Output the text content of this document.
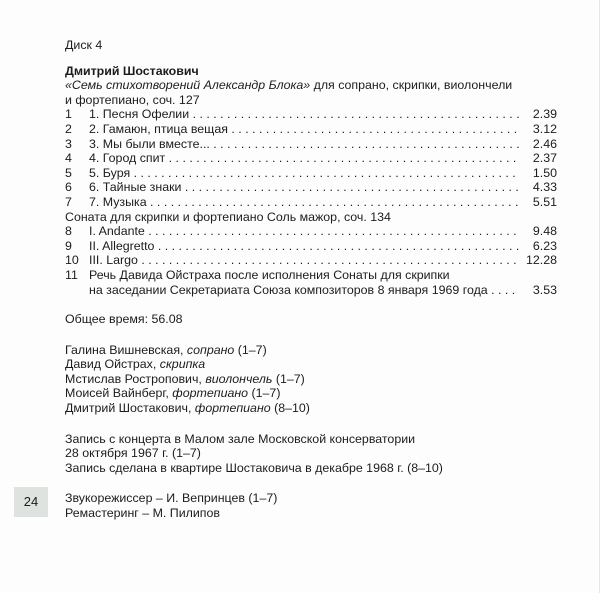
Диск 4
Дмитрий Шостакович
«Семь стихотворений Александр Блока» для сопрано, скрипки, виолончели
и фортепиано, соч. 127
1	1. Песня Офелии . . .	2.39
2	2. Гамаюн, птица вещая . . .	3.12
3	3. Мы были вместе... . . .	2.46
4	4. Город спит . . .	2.37
5	5. Буря . . .	1.50
6	6. Тайные знаки . . .	4.33
7	7. Музыка . . .	5.51
Соната для скрипки и фортепиано Соль мажор, соч. 134
8	I. Andante . . .	9.48
9	II. Allegretto . . .	6.23
10 III. Largo . . .	12.28
11 Речь Давида Ойстраха после исполнения Сонаты для скрипки
на заседании Секретариата Союза композиторов 8 января 1969 года . . .	3.53
Общее время: 56.08
Галина Вишневская, сопрано (1–7)
Давид Ойстрах, скрипка
Мстислав Ростропович, виолончель (1–7)
Моисей Вайнберг, фортепиано (1–7)
Дмитрий Шостакович, фортепиано (8–10)
Запись с концерта в Малом зале Московской консерватории
28 октября 1967 г. (1–7)
Запись сделана в квартире Шостаковича в декабре 1968 г. (8–10)
Звукорежиссер – И. Вепринцев (1–7)
Ремастеринг – М. Пилипов
24
